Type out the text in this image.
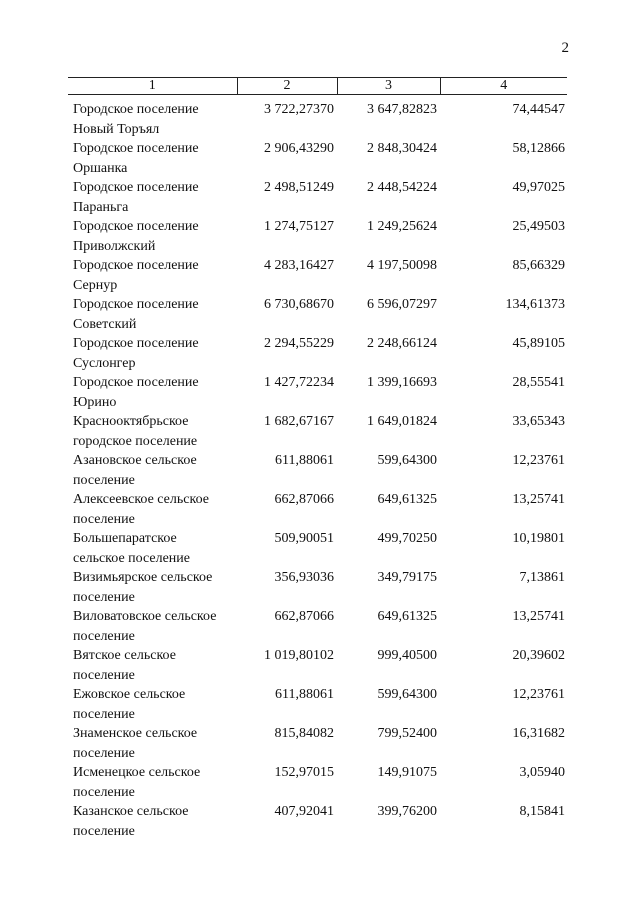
2
1	2	3	4
Городское поселение
Новый Торъял	3 722,27370	3 647,82823	74,44547
Городское поселение
Оршанка	2 906,43290	2 848,30424	58,12866
Городское поселение
Параньга	2 498,51249	2 448,54224	49,97025
Городское поселение
Приволжский	1 274,75127	1 249,25624	25,49503
Городское поселение
Сернур	4 283,16427	4 197,50098	85,66329
Городское поселение
Советский	6 730,68670	6 596,07297	134,61373
Городское поселение
Суслонгер	2 294,55229	2 248,66124	45,89105
Городское поселение
Юрино	1 427,72234	1 399,16693	28,55541
Краснооктябрьское
городское поселение	1 682,67167	1 649,01824	33,65343
Азановское сельское
поселение	611,88061	599,64300	12,23761
Алексеевское сельское
поселение	662,87066	649,61325	13,25741
Большепаратское
сельское поселение	509,90051	499,70250	10,19801
Визимьярское сельское
поселение	356,93036	349,79175	7,13861
Виловатовское сельское
поселение	662,87066	649,61325	13,25741
Вятское сельское
поселение	1 019,80102	999,40500	20,39602
Ежовское сельское
поселение	611,88061	599,64300	12,23761
Знаменское сельское
поселение	815,84082	799,52400	16,31682
Исменецкое сельское
поселение	152,97015	149,91075	3,05940
Казанское сельское
поселение	407,92041	399,76200	8,15841
